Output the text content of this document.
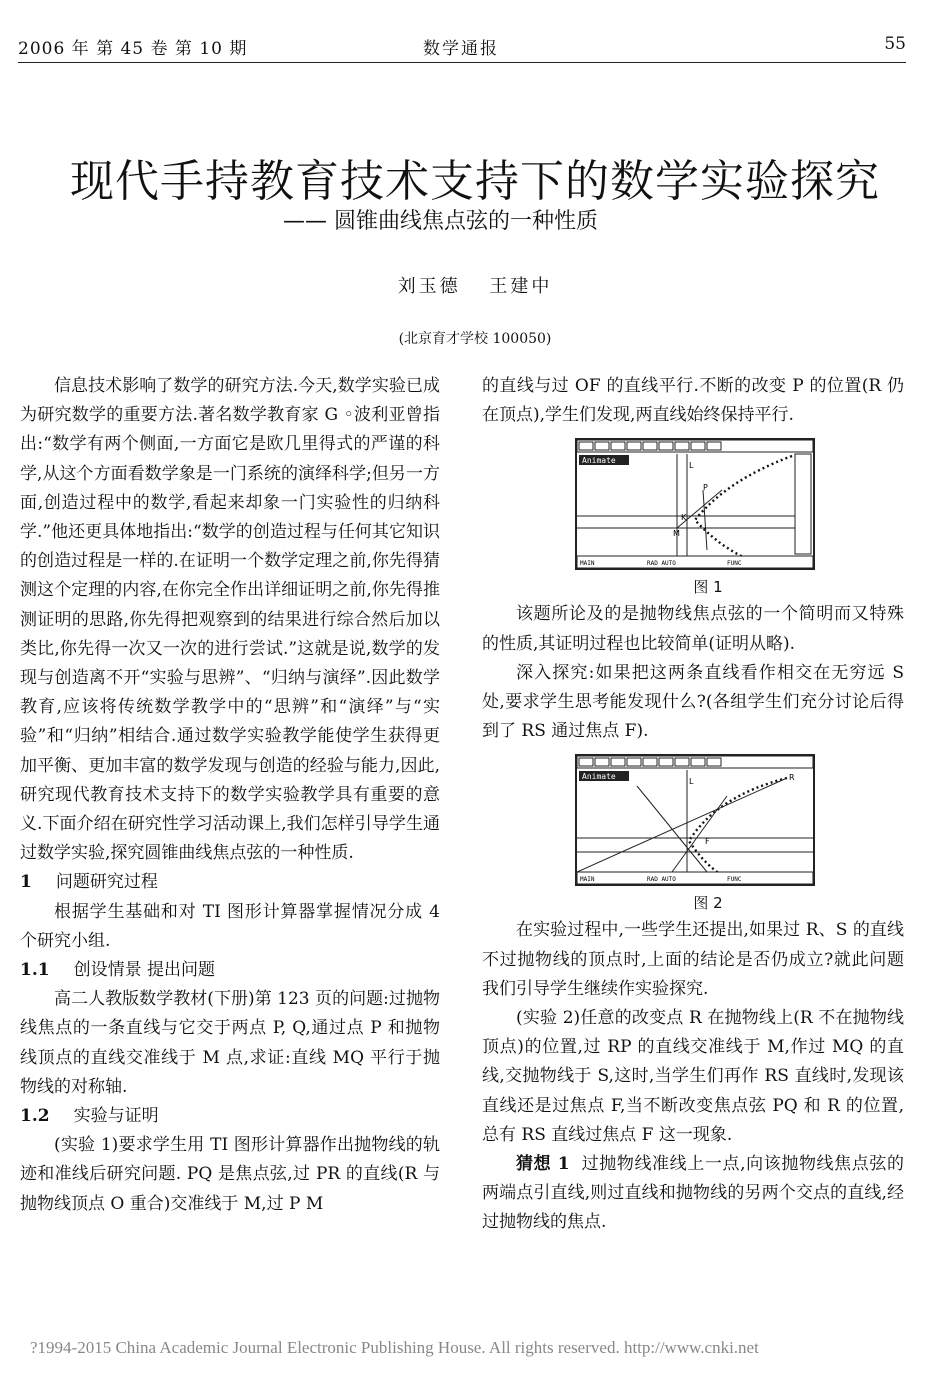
2006 年 第 45 卷 第 10 期	数学通报	55
现代手持教育技术支持下的数学实验探究
—— 圆锥曲线焦点弦的一种性质
刘玉德 王建中
(北京育才学校 100050)

信息技术影响了数学的研究方法.今天,数学实验已成为研究数学的重要方法.著名数学教育家 G ◦波利亚曾指出:“数学有两个侧面,一方面它是欧几里得式的严谨的科学,从这个方面看数学象是一门系统的演绎科学;但另一方面,创造过程中的数学,看起来却象一门实验性的归纳科学.”他还更具体地指出:“数学的创造过程与任何其它知识的创造过程是一样的.在证明一个数学定理之前,你先得猜测这个定理的内容,在你完全作出详细证明之前,你先得推测证明的思路,你先得把观察到的结果进行综合然后加以类比,你先得一次又一次的进行尝试.”这就是说,数学的发现与创造离不开“实验与思辨”、“归纳与演绎”.因此数学教育,应该将传统数学教学中的“思辨”和“演绎”与“实验”和“归纳”相结合.通过数学实验教学能使学生获得更加平衡、更加丰富的数学发现与创造的经验与能力,因此,研究现代教育技术支持下的数学实验教学具有重要的意义.下面介绍在研究性学习活动课上,我们怎样引导学生通过数学实验,探究圆锥曲线焦点弦的一种性质.

1 问题研究过程

根据学生基础和对 TI 图形计算器掌握情况分成 4 个研究小组.

1.1 创设情景 提出问题

高二人教版数学教材(下册)第 123 页的问题:过抛物线焦点的一条直线与它交于两点 P, Q,通过点 P 和抛物线顶点的直线交准线于 M 点,求证:直线 MQ 平行于抛物线的对称轴.

1.2 实验与证明

(实验 1)要求学生用 TI 图形计算器作出抛物线的轨迹和准线后研究问题. PQ 是焦点弦,过 PR 的直线(R 与抛物线顶点 O 重合)交准线于 M,过 P M

的直线与过 OF 的直线平行.不断的改变 P 的位置(R 仍在顶点),学生们发现,两直线始终保持平行.

Animate
P
K
M
L
MAIN	RAD AUTO	FUNC

图 1

该题所论及的是抛物线焦点弦的一个简明而又特殊的性质,其证明过程也比较简单(证明从略).

深入探究:如果把这两条直线看作相交在无穷远 S 处,要求学生思考能发现什么?(各组学生们充分讨论后得到了 RS 通过焦点 F).

Animate	R
L
F
MAIN	RAD AUTO	FUNC

图 2

在实验过程中,一些学生还提出,如果过 R、S 的直线不过抛物线的顶点时,上面的结论是否仍成立?就此问题我们引导学生继续作实验探究.

(实验 2)任意的改变点 R 在抛物线上(R 不在抛物线顶点)的位置,过 RP 的直线交准线于 M,作过 MQ 的直线,交抛物线于 S,这时,当学生们再作 RS 直线时,发现该直线还是过焦点 F,当不断改变焦点弦 PQ 和 R 的位置,总有 RS 直线过焦点 F 这一现象.

猜想 1 过抛物线准线上一点,向该抛物线焦点弦的两端点引直线,则过直线和抛物线的另两个交点的直线,经过抛物线的焦点.

?1994-2015 China Academic Journal Electronic Publishing House. All rights reserved. http://www.cnki.net
